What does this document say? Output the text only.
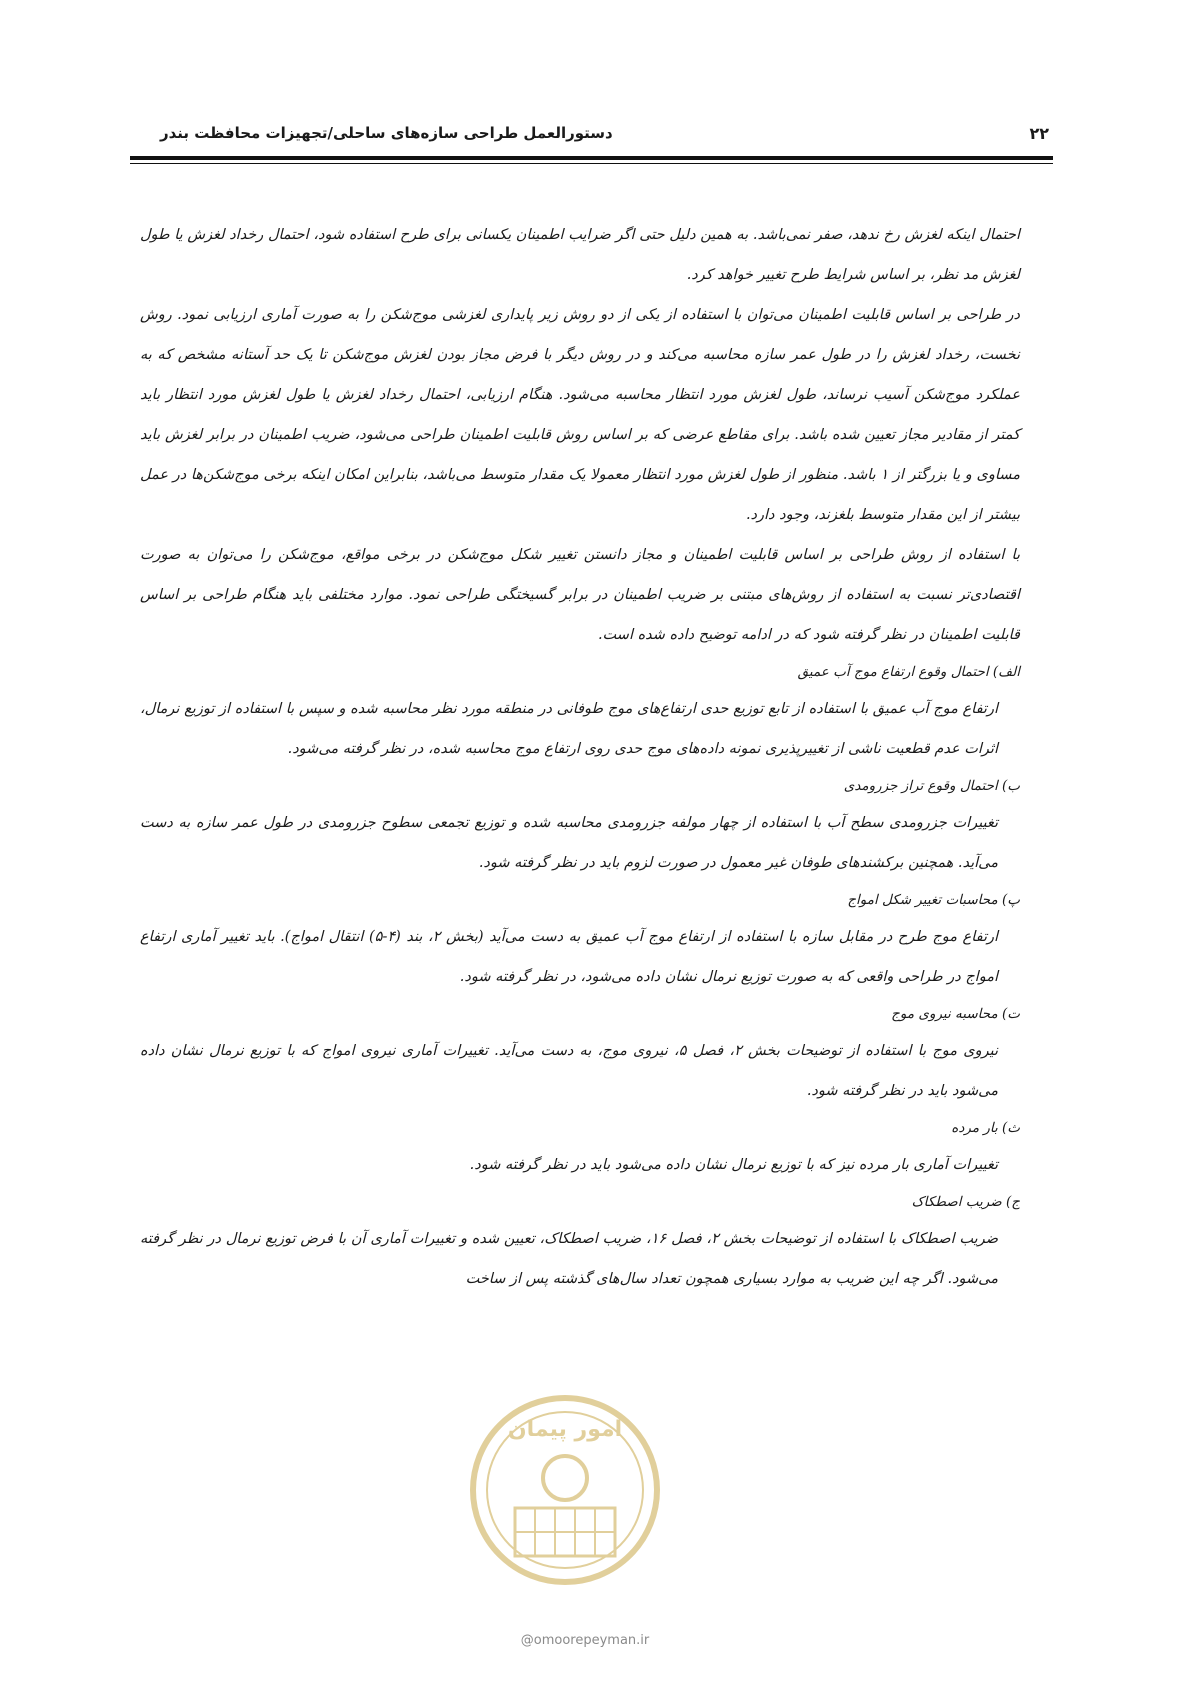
۲۲
دستورالعمل طراحی سازه‌های ساحلی/تجهیزات محافظت بندر

احتمال اینکه لغزش رخ ندهد، صفر نمی‌باشد. به همین دلیل حتی اگر ضرایب اطمینان یکسانی برای طرح استفاده شود، احتمال رخداد لغزش یا طول لغزش مد نظر، بر اساس شرایط طرح تغییر خواهد کرد.

در طراحی بر اساس قابلیت اطمینان می‌توان با استفاده از یکی از دو روش زیر پایداری لغزشی موج‌شکن را به صورت آماری ارزیابی نمود. روش نخست، رخداد لغزش را در طول عمر سازه محاسبه می‌کند و در روش دیگر با فرض مجاز بودن لغزش موج‌شکن تا یک حد آستانه مشخص که به عملکرد موج‌شکن آسیب نرساند، طول لغزش مورد انتظار محاسبه می‌شود. هنگام ارزیابی، احتمال رخداد لغزش یا طول لغزش مورد انتظار باید کمتر از مقادیر مجاز تعیین شده باشد. برای مقاطع عرضی که بر اساس روش قابلیت اطمینان طراحی می‌شود، ضریب اطمینان در برابر لغزش باید مساوی و یا بزرگتر از ۱ باشد. منظور از طول لغزش مورد انتظار معمولا یک مقدار متوسط می‌باشد، بنابراین امکان اینکه برخی موج‌شکن‌ها در عمل بیشتر از این مقدار متوسط بلغزند، وجود دارد.

با استفاده از روش طراحی بر اساس قابلیت اطمینان و مجاز دانستن تغییر شکل موج‌شکن در برخی مواقع، موج‌شکن را می‌توان به صورت اقتصادی‌تر نسبت به استفاده از روش‌های مبتنی بر ضریب اطمینان در برابر گسیختگی طراحی نمود. موارد مختلفی باید هنگام طراحی بر اساس قابلیت اطمینان در نظر گرفته شود که در ادامه توضیح داده شده است.

الف) احتمال وقوع ارتفاع موج آب عمیق

ارتفاع موج آب عمیق با استفاده از تابع توزیع حدی ارتفاع‌های موج طوفانی در منطقه مورد نظر محاسبه شده و سپس با استفاده از توزیع نرمال، اثرات عدم قطعیت ناشی از تغییرپذیری نمونه داده‌های موج حدی روی ارتفاع موج محاسبه شده، در نظر گرفته می‌شود.

ب) احتمال وقوع تراز جزرومدی

تغییرات جزرومدی سطح آب با استفاده از چهار مولفه جزرومدی محاسبه شده و توزیع تجمعی سطوح جزرومدی در طول عمر سازه به دست می‌آید. همچنین برکشندهای طوفان غیر معمول در صورت لزوم باید در نظر گرفته شود.

پ) محاسبات تغییر شکل امواج

ارتفاع موج طرح در مقابل سازه با استفاده از ارتفاع موج آب عمیق به دست می‌آید (بخش ۲، بند (۴-۵) انتقال امواج). باید تغییر آماری ارتفاع امواج در طراحی واقعی که به صورت توزیع نرمال نشان داده می‌شود، در نظر گرفته شود.

ت) محاسبه نیروی موج

نیروی موج با استفاده از توضیحات بخش ۲، فصل ۵، نیروی موج، به دست می‌آید. تغییرات آماری نیروی امواج که با توزیع نرمال نشان داده می‌شود باید در نظر گرفته شود.

ث) بار مرده

تغییرات آماری بار مرده نیز که با توزیع نرمال نشان داده می‌شود باید در نظر گرفته شود.

ج) ضریب اصطکاک

ضریب اصطکاک با استفاده از توضیحات بخش ۲، فصل ۱۶، ضریب اصطکاک، تعیین شده و تغییرات آماری آن با فرض توزیع نرمال در نظر گرفته می‌شود. اگر چه این ضریب به موارد بسیاری همچون تعداد سال‌های گذشته پس از ساخت

امور پیمان
@omoorepeyman.ir
